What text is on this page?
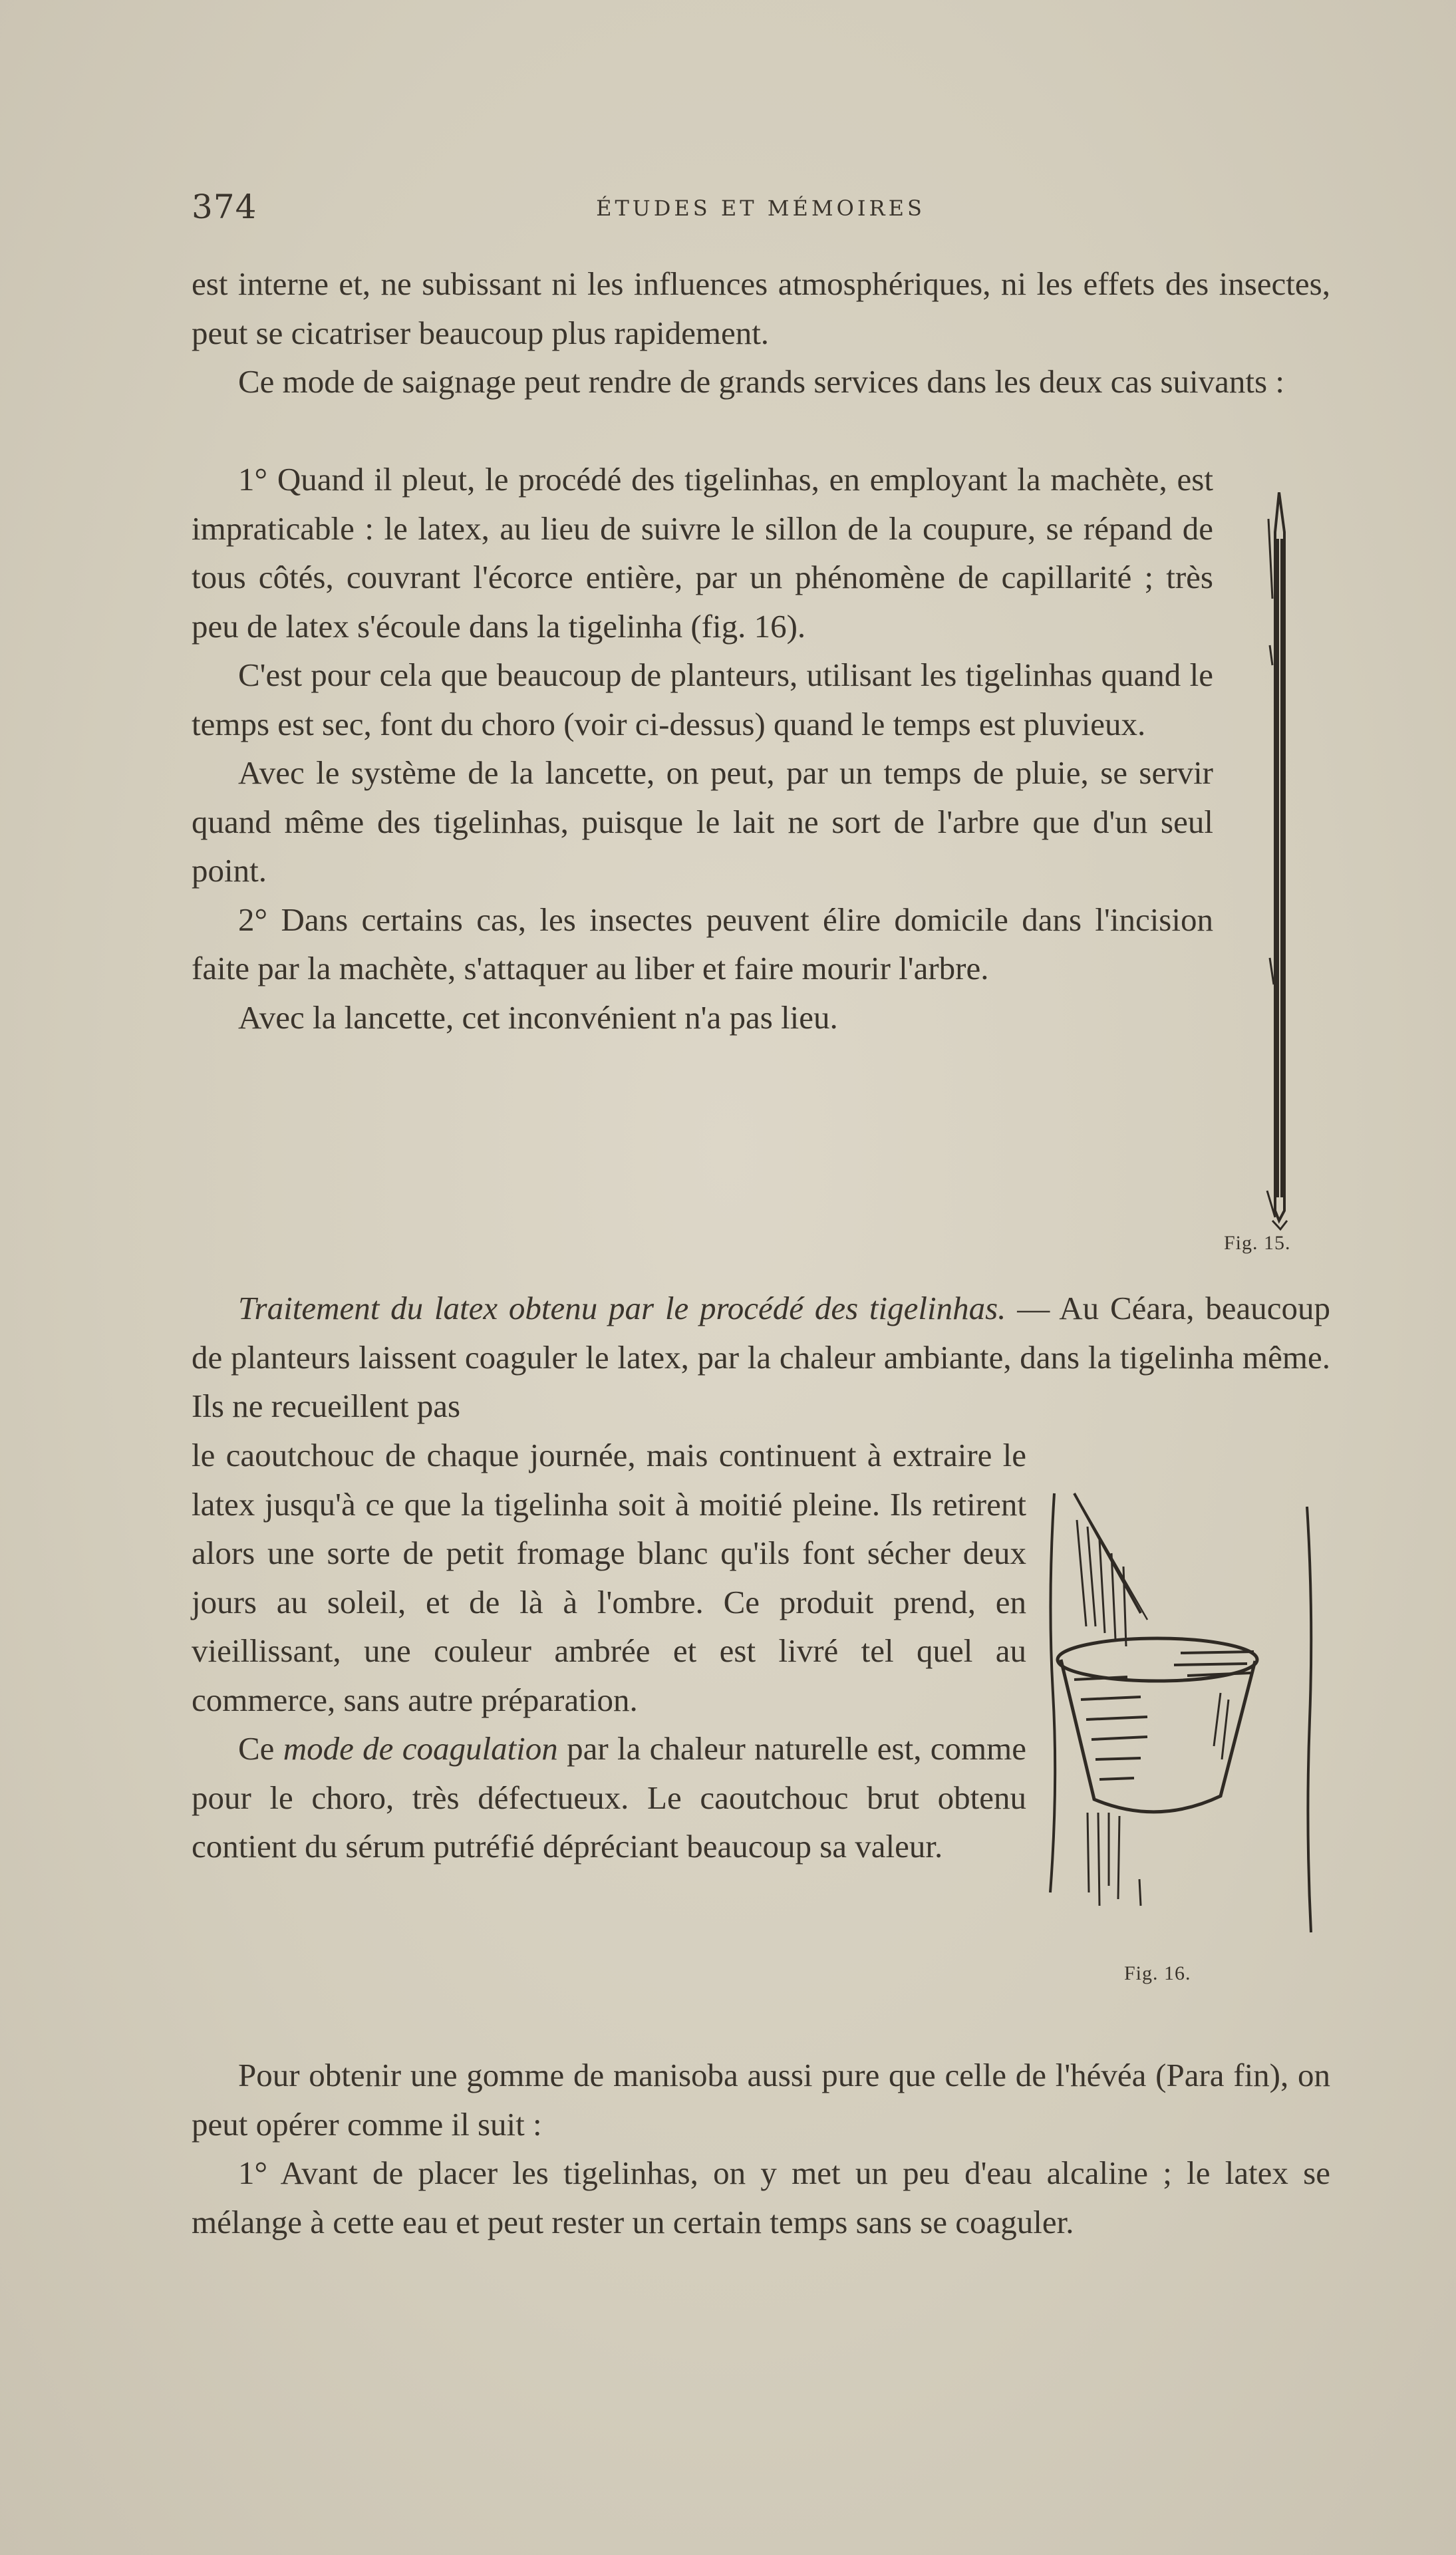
374	ÉTUDES ET MÉMOIRES

est interne et, ne subissant ni les influences atmosphériques, ni les effets des insectes, peut se cicatriser beaucoup plus rapidement.

Ce mode de saignage peut rendre de grands services dans les deux cas suivants :

1° Quand il pleut, le procédé des tigelinhas, en employant la machète, est impraticable : le latex, au lieu de suivre le sillon de la coupure, se répand de tous côtés, couvrant l'écorce entière, par un phénomène de capillarité ; très peu de latex s'écoule dans la tigelinha (fig. 16).

C'est pour cela que beaucoup de planteurs, utilisant les tigelinhas quand le temps est sec, font du choro (voir ci-dessus) quand le temps est pluvieux.

Avec le système de la lancette, on peut, par un temps de pluie, se servir quand même des tigelinhas, puisque le lait ne sort de l'arbre que d'un seul point.

2° Dans certains cas, les insectes peuvent élire domicile dans l'incision faite par la machète, s'attaquer au liber et faire mourir l'arbre.

Avec la lancette, cet inconvénient n'a pas lieu.

Fig. 15.

Traitement du latex obtenu par le procédé des tigelinhas. — Au Céara, beaucoup de planteurs laissent coaguler le latex, par la chaleur ambiante, dans la tigelinha même. Ils ne recueillent pas

le caoutchouc de chaque journée, mais continuent à extraire le latex jusqu'à ce que la tigelinha soit à moitié pleine. Ils retirent alors une sorte de petit fromage blanc qu'ils font sécher deux jours au soleil, et de là à l'ombre. Ce produit prend, en vieillissant, une couleur ambrée et est livré tel quel au commerce, sans autre préparation.

Ce mode de coagulation par la chaleur naturelle est, comme pour le choro, très défectueux. Le caoutchouc brut obtenu contient du sérum putréfié dépréciant beaucoup sa valeur.

Fig. 16.

Pour obtenir une gomme de manisoba aussi pure que celle de l'hévéa (Para fin), on peut opérer comme il suit :

1° Avant de placer les tigelinhas, on y met un peu d'eau alcaline ; le latex se mélange à cette eau et peut rester un certain temps sans se coaguler.
